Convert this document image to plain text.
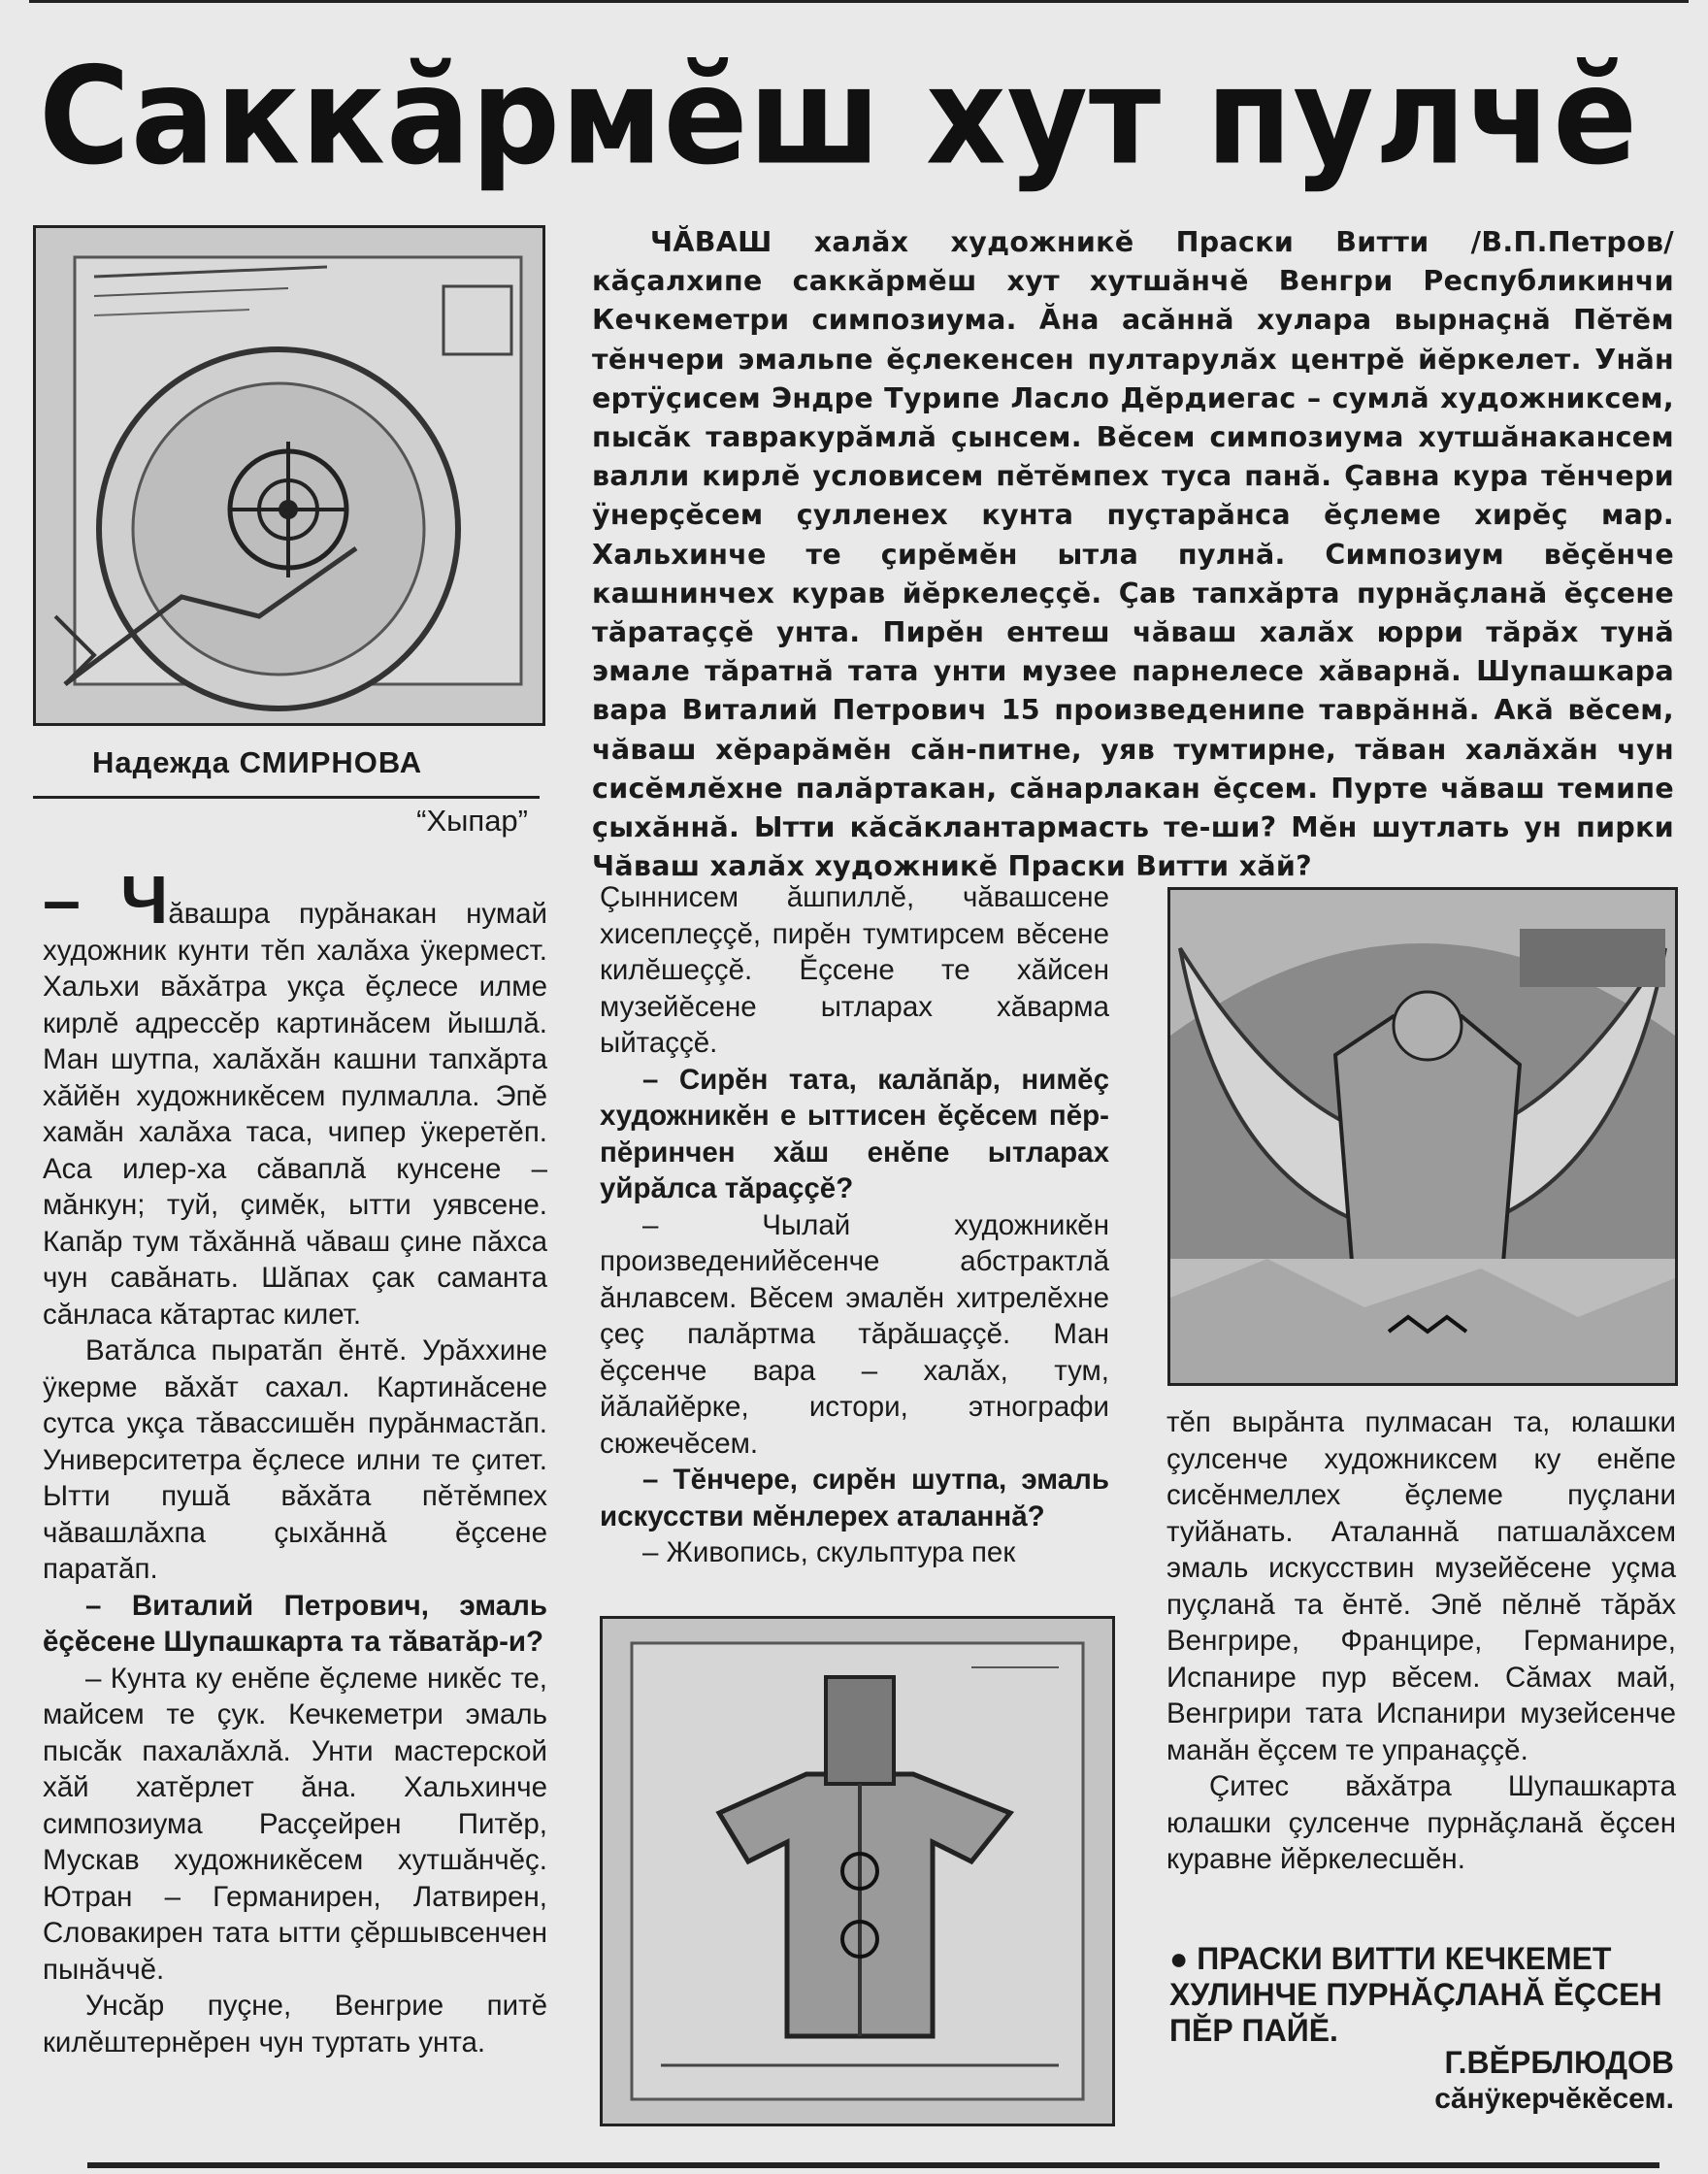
Саккăрмĕш хут пулчĕ
Надежда СМИРНОВА
“Хыпар”
ЧĂВАШ халăх художникĕ Праски Витти /В.П.Петров/ кăçалхипе саккăрмĕш хут хутшăнчĕ Венгри Республикинчи Кечкеметри симпозиума. Ăна асăннă хулара вырнаçнă Пĕтĕм тĕнчери эмальпе ĕçлекенсен пултарулăх центрĕ йĕркелет. Унăн ертÿçисем Эндре Турипе Ласло Дĕрдиегас – сумлă художниксем, пысăк тавракурăмлă çынсем. Вĕсем симпозиума хутшăнакансем валли кирлĕ условисем пĕтĕмпех туса панă. Çавна кура тĕнчери ÿнерçĕсем çулленех кунта пуçтарăнса ĕçлеме хирĕç мар. Хальхинче те çирĕмĕн ытла пулнă. Симпозиум вĕçĕнче кашнинчех курав йĕркелеççĕ. Çав тапхăрта пурнăçланă ĕçсене тăратаççĕ унта. Пирĕн ентеш чăваш халăх юрри тăрăх тунă эмале тăратнă тата унти музее парнелесе хăварнă. Шупашкара вара Виталий Петрович 15 произведенипе таврăннă. Акă вĕсем, чăваш хĕрарăмĕн сăн-питне, уяв тумтирне, тăван халăхăн чун сисĕмлĕхне палăртакан, сăнарлакан ĕçсем. Пурте чăваш темипе çыхăннă. Ытти кăсăклантармасть те-ши? Мĕн шутлать ун пирки Чăваш халăх художникĕ Праски Витти хăй?

– Чăвашра пурăнакан нумай художник кунти тĕп халăха ÿкермест. Хальхи вăхăтра укçа ĕçлесе илме кирлĕ адрессĕр картинăсем йышлă. Ман шутпа, халăхăн кашни тапхăрта хăйĕн художникĕсем пулмалла. Эпĕ хамăн халăха таса, чипер ÿкеретĕп. Аса илер-ха сăваплă кунсене – мăнкун; туй, çимĕк, ытти уявсене. Капăр тум тăхăннă чăваш çине пăхса чун савăнать. Шăпах çак саманта сăнласа кăтартас килет.

Ватăлса пыратăп ĕнтĕ. Урăххине ÿкерме вăхăт сахал. Картинăсене сутса укçа тăвассишĕн пурăнмастăп. Университетра ĕçлесе илни те çитет. Ытти пушă вăхăта пĕтĕмпех чăвашлăхпа çыхăннă ĕçсене паратăп.

– Виталий Петрович, эмаль ĕçĕсене Шупашкарта та тăватăр-и?

– Кунта ку енĕпе ĕçлеме никĕс те, майсем те çук. Кечкеметри эмаль пысăк пахалăхлă. Унти мастерской хăй хатĕрлет ăна. Хальхинче симпозиума Расçейрен Питĕр, Мускав художникĕсем хутшăнчĕç. Ютран – Германирен, Латвирен, Словакирен тата ытти çĕршывсенчен пынăччĕ.

Унсăр пуçне, Венгрие питĕ килĕштернĕрен чун туртать унта.

Çыннисем ăшпиллĕ, чăвашсене хисеплеççĕ, пирĕн тумтирсем вĕсене килĕшеççĕ. Ĕçсене те хăйсен музейĕсене ытларах хăварма ыйтаççĕ.

– Сирĕн тата, калăпăр, нимĕç художникĕн е ыттисен ĕçĕсем пĕр-пĕринчен хăш енĕпе ытларах уйрăлса тăраççĕ?

– Чылай художникĕн произведенийĕсенче абстрактлă ăнлавсем. Вĕсем эмалĕн хитрелĕхне çеç палăртма тăрăшаççĕ. Ман ĕçсенче вара – халăх, тум, йăлайĕрке, истори, этнографи сюжечĕсем.

– Тĕнчере, сирĕн шутпа, эмаль искусстви мĕнлерех аталаннă?

– Живопись, скульптура пек

тĕп вырăнта пулмасан та, юлашки çулсенче художниксем ку енĕпе сисĕнмеллех ĕçлеме пуçлани туйăнать. Аталаннă патшалăхсем эмаль искусствин музейĕсене уçма пуçланă та ĕнтĕ. Эпĕ пĕлнĕ тăрăх Венгрире, Францире, Германире, Испанире пур вĕсем. Сăмах май, Венгрири тата Испанири музейсенче манăн ĕçсем те упранаççĕ.

Çитес вăхăтра Шупашкарта юлашки çулсенче пурнăçланă ĕçсен куравне йĕркелесшĕн.

● ПРАСКИ ВИТТИ КЕЧКЕМЕТ ХУЛИНЧЕ ПУРНĂÇЛАНĂ ĔÇСЕН ПĔР ПАЙĔ.
Г.ВĔРБЛЮДОВ
сăнÿкерчĕкĕсем.
